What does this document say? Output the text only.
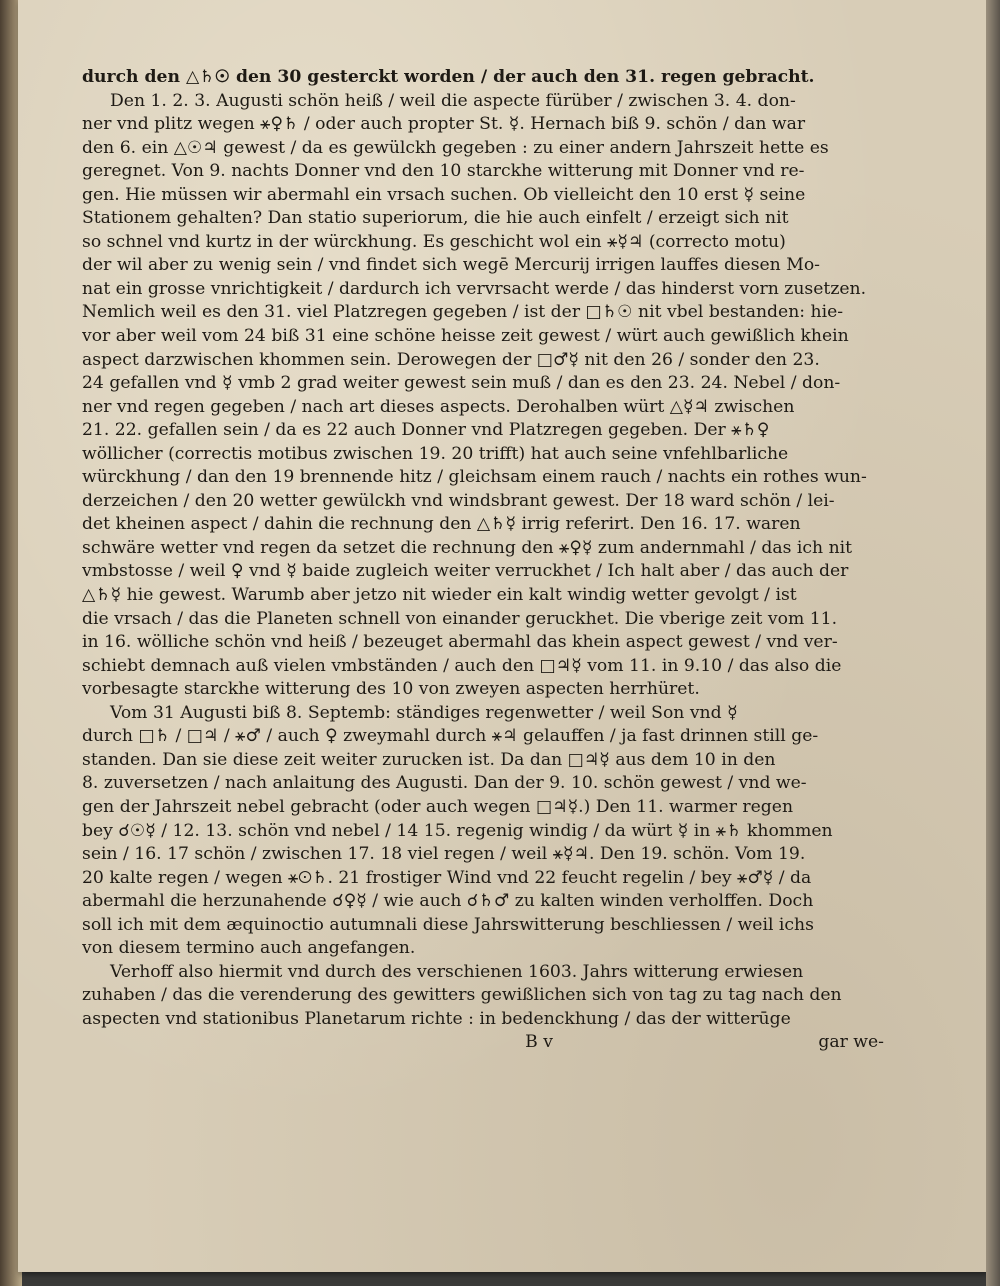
durch den △♄☉ den 30 gesterckt worden / der auch den 31. regen gebracht.
Den 1. 2. 3. Augusti schön heiß / weil die aspecte fürüber / zwischen 3. 4. don-
ner vnd plitz wegen ⚹♀♄ / oder auch propter St. ☿. Hernach biß 9. schön / dan war
den 6. ein △☉♃ gewest / da es gewülckh gegeben : zu einer andern Jahrszeit hette es
geregnet. Von 9. nachts Donner vnd den 10 starckhe witterung mit Donner vnd re-
gen. Hie müssen wir abermahl ein vrsach suchen. Ob vielleicht den 10 erst ☿ seine
Stationem gehalten? Dan statio superiorum, die hie auch einfelt / erzeigt sich nit
so schnel vnd kurtz in der würckhung. Es geschicht wol ein ⚹☿♃ (correcto motu)
der wil aber zu wenig sein / vnd findet sich wegē Mercurij irrigen lauffes diesen Mo-
nat ein grosse vnrichtigkeit / dardurch ich vervrsacht werde / das hinderst vorn zusetzen.
Nemlich weil es den 31. viel Platzregen gegeben / ist der □♄☉ nit vbel bestanden: hie-
vor aber weil vom 24 biß 31 eine schöne heisse zeit gewest / würt auch gewißlich khein
aspect darzwischen khommen sein. Derowegen der □♂☿ nit den 26 / sonder den 23.
24 gefallen vnd ☿ vmb 2 grad weiter gewest sein muß / dan es den 23. 24. Nebel / don-
ner vnd regen gegeben / nach art dieses aspects. Derohalben würt △☿♃ zwischen
21. 22. gefallen sein / da es 22 auch Donner vnd Platzregen gegeben. Der ⚹♄♀
wöllicher (correctis motibus zwischen 19. 20 trifft) hat auch seine vnfehlbarliche
würckhung / dan den 19 brennende hitz / gleichsam einem rauch / nachts ein rothes wun-
derzeichen / den 20 wetter gewülckh vnd windsbrant gewest. Der 18 ward schön / lei-
det kheinen aspect / dahin die rechnung den △♄☿ irrig referirt. Den 16. 17. waren
schwäre wetter vnd regen da setzet die rechnung den ⚹♀☿ zum andernmahl / das ich nit
vmbstosse / weil ♀ vnd ☿ baide zugleich weiter verruckhet / Ich halt aber / das auch der
△♄☿ hie gewest. Warumb aber jetzo nit wieder ein kalt windig wetter gevolgt / ist
die vrsach / das die Planeten schnell von einander geruckhet. Die vberige zeit vom 11.
in 16. wölliche schön vnd heiß / bezeuget abermahl das khein aspect gewest / vnd ver-
schiebt demnach auß vielen vmbständen / auch den □♃☿ vom 11. in 9.10 / das also die
vorbesagte starckhe witterung des 10 von zweyen aspecten herrhüret.
Vom 31 Augusti biß 8. Septemb: ständiges regenwetter / weil Son vnd ☿
durch □♄ / □♃ / ⚹♂ / auch ♀ zweymahl durch ⚹♃ gelauffen / ja fast drinnen still ge-
standen. Dan sie diese zeit weiter zurucken ist. Da dan □♃☿ aus dem 10 in den
8. zuversetzen / nach anlaitung des Augusti. Dan der 9. 10. schön gewest / vnd we-
gen der Jahrszeit nebel gebracht (oder auch wegen □♃☿.) Den 11. warmer regen
bey ☌☉☿ / 12. 13. schön vnd nebel / 14 15. regenig windig / da würt ☿ in ⚹♄ khommen
sein / 16. 17 schön / zwischen 17. 18 viel regen / weil ⚹☿♃. Den 19. schön. Vom 19.
20 kalte regen / wegen ⚹☉♄. 21 frostiger Wind vnd 22 feucht regelin / bey ⚹♂☿ / da
abermahl die herzunahende ☌♀☿ / wie auch ☌♄♂ zu kalten winden verholffen. Doch
soll ich mit dem æquinoctio autumnali diese Jahrswitterung beschliessen / weil ichs
von diesem termino auch angefangen.
Verhoff also hiermit vnd durch des verschienen 1603. Jahrs witterung erwiesen
zuhaben / das die verenderung des gewitters gewißlichen sich von tag zu tag nach den
aspecten vnd stationibus Planetarum richte : in bedenckhung / das der witterūge
B v	gar we-
